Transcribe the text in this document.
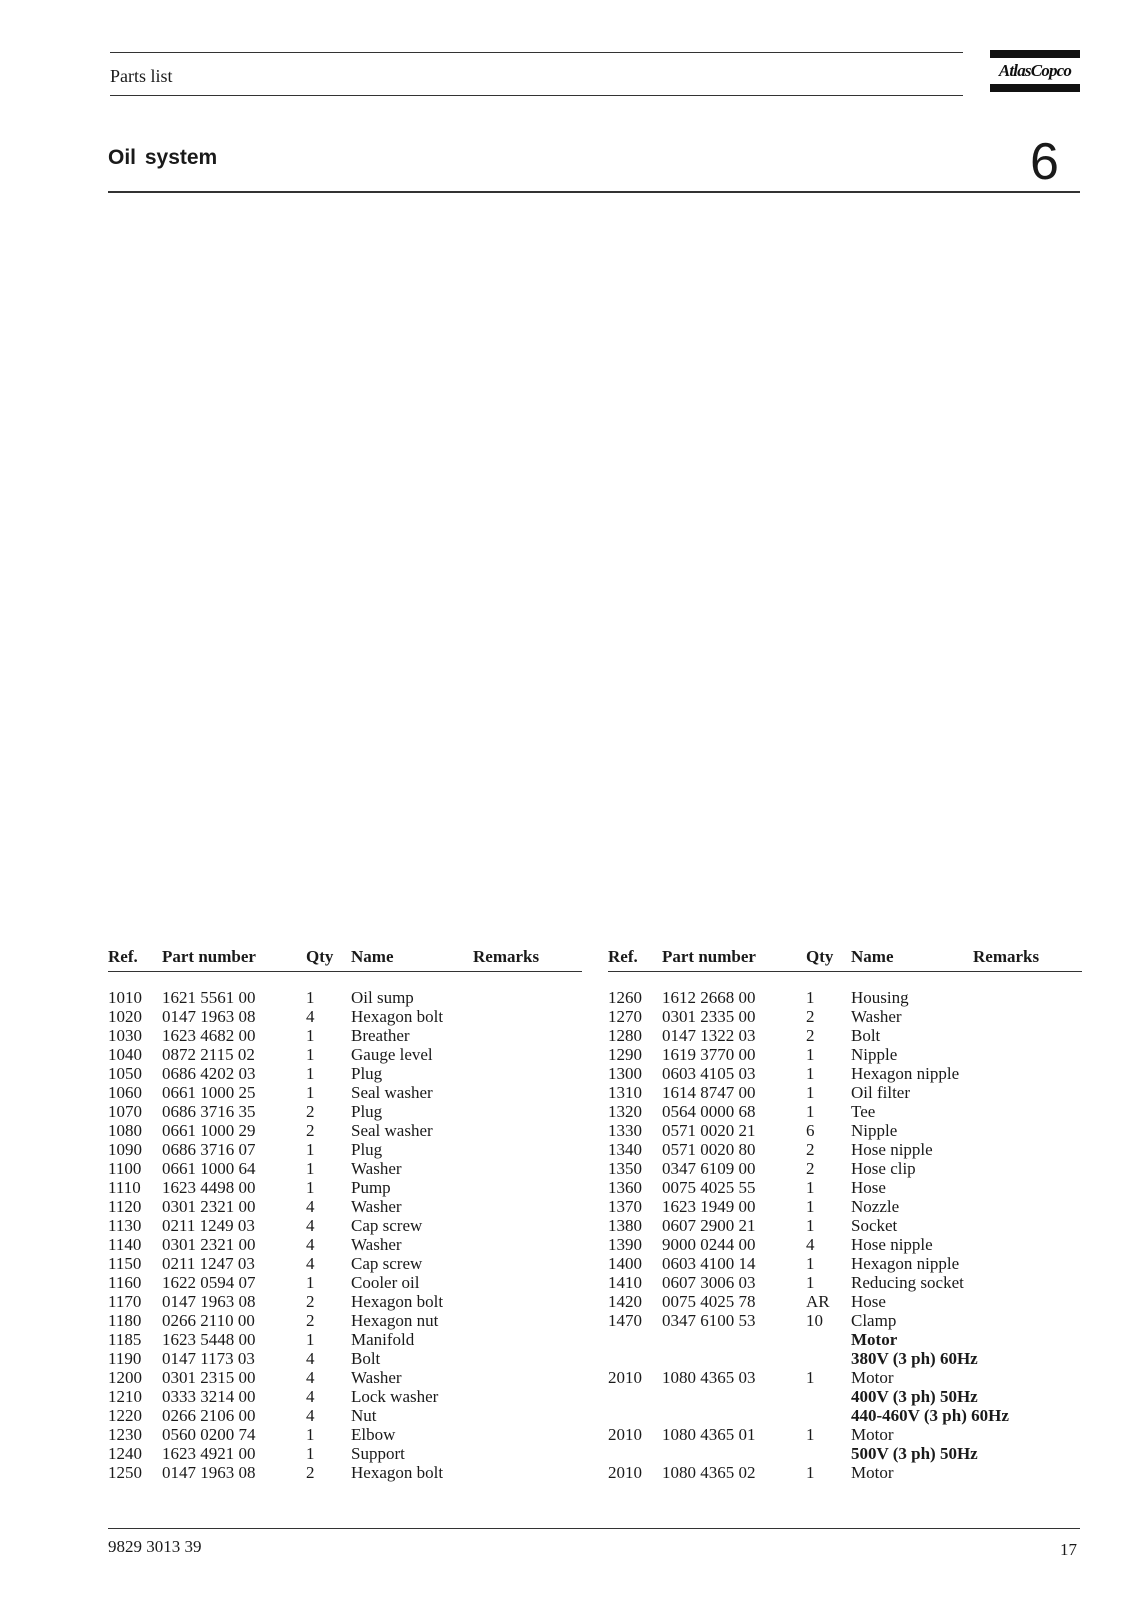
Parts list	AtlasCopco
Oil system	6
Ref. Part number	Qty Name	Remarks
1010 1621 5561 00	1 Oil sump
1020 0147 1963 08	4 Hexagon bolt
1030 1623 4682 00	1 Breather
1040 0872 2115 02	1 Gauge level
1050 0686 4202 03	1 Plug
1060 0661 1000 25	1 Seal washer
1070 0686 3716 35	2 Plug
1080 0661 1000 29	2 Seal washer
1090 0686 3716 07	1 Plug
1100 0661 1000 64	1 Washer
1110 1623 4498 00	1 Pump
1120 0301 2321 00	4 Washer
1130 0211 1249 03	4 Cap screw
1140 0301 2321 00	4 Washer
1150 0211 1247 03	4 Cap screw
1160 1622 0594 07	1 Cooler oil
1170 0147 1963 08	2 Hexagon bolt
1180 0266 2110 00	2 Hexagon nut
1185 1623 5448 00	1 Manifold
1190 0147 1173 03	4 Bolt
1200 0301 2315 00	4 Washer
1210 0333 3214 00	4 Lock washer
1220 0266 2106 00	4 Nut
1230 0560 0200 74	1 Elbow
1240 1623 4921 00	1 Support
1250 0147 1963 08	2 Hexagon bolt
Ref. Part number	Qty Name	Remarks
1260 1612 2668 00	1 Housing
1270 0301 2335 00	2 Washer
1280 0147 1322 03	2 Bolt
1290 1619 3770 00	1 Nipple
1300 0603 4105 03	1 Hexagon nipple
1310 1614 8747 00	1 Oil filter
1320 0564 0000 68	1 Tee
1330 0571 0020 21	6 Nipple
1340 0571 0020 80	2 Hose nipple
1350 0347 6109 00	2 Hose clip
1360 0075 4025 55	1 Hose
1370 1623 1949 00	1 Nozzle
1380 0607 2900 21	1 Socket
1390 9000 0244 00	4 Hose nipple
1400 0603 4100 14	1 Hexagon nipple
1410 0607 3006 03	1 Reducing socket
1420 0075 4025 78	AR Hose
1470 0347 6100 53	10 Clamp
Motor
380V (3 ph) 60Hz
2010 1080 4365 03	1 Motor
400V (3 ph) 50Hz
440-460V (3 ph) 60Hz
2010 1080 4365 01	1 Motor
500V (3 ph) 50Hz
2010 1080 4365 02	1 Motor
9829 3013 39	17
